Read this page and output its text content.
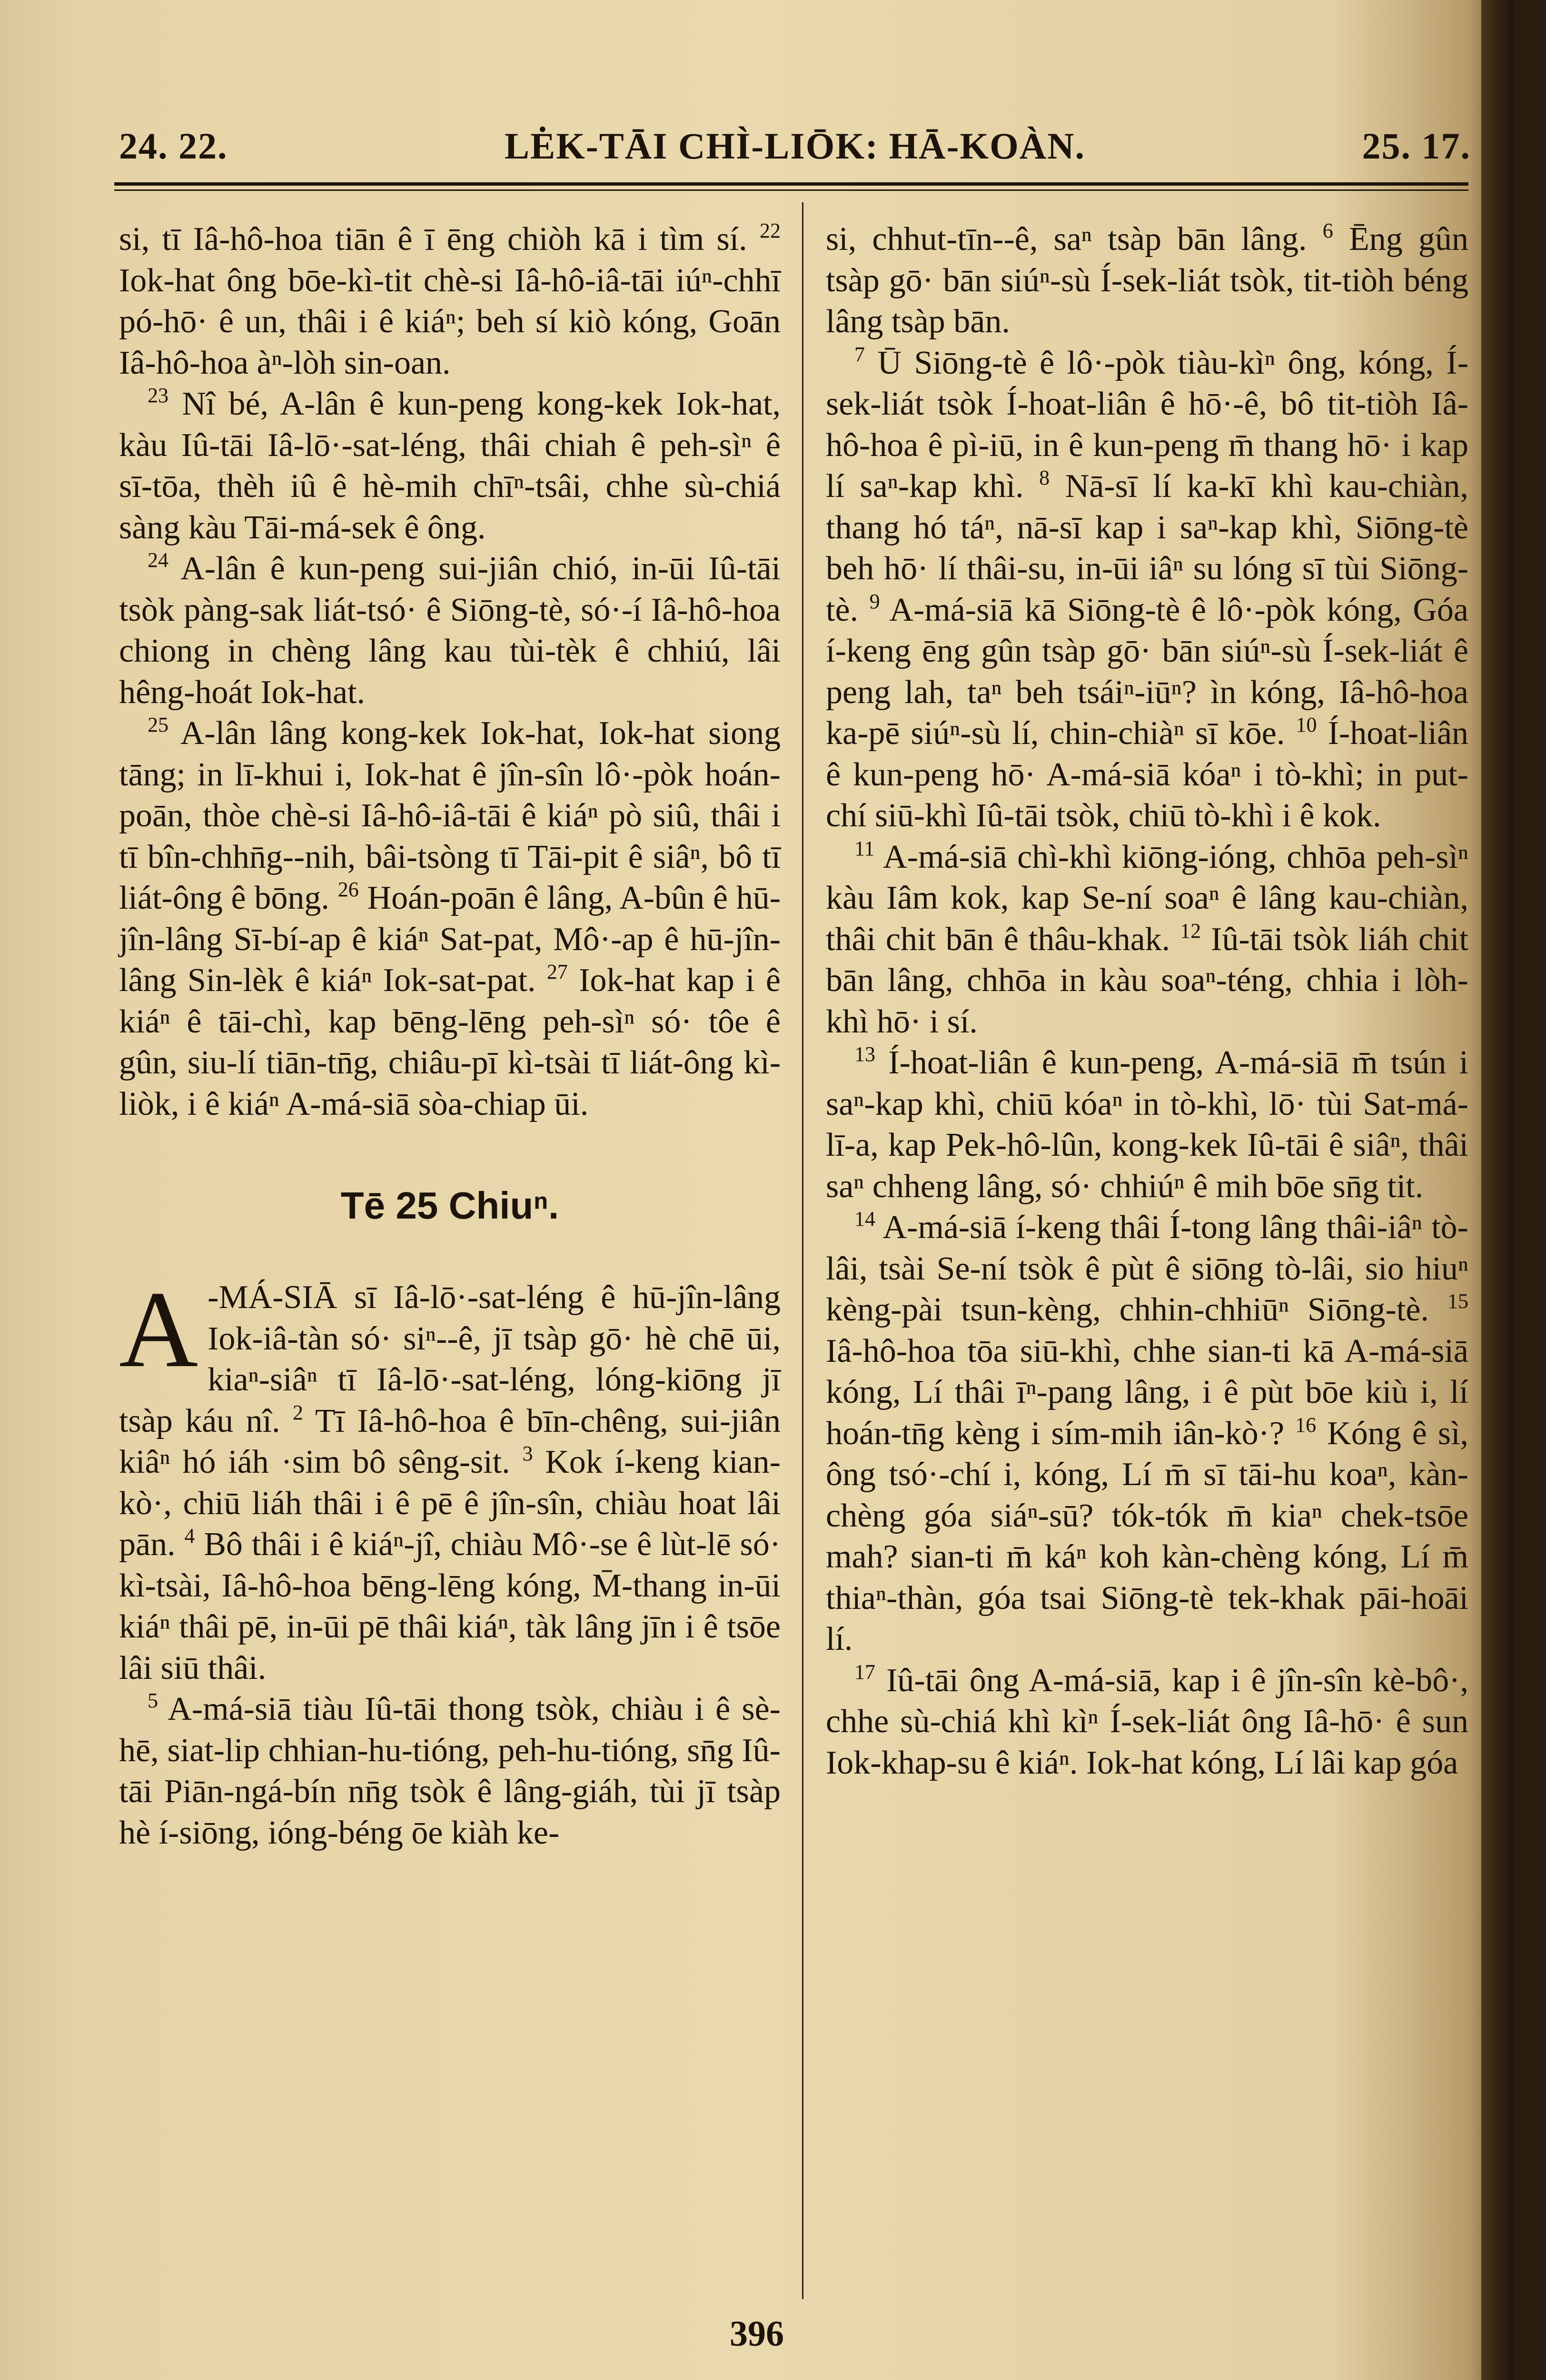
24. 22.	LĖK-TĀI CHÌ-LIŌK: HĀ-KOÀN.	25. 17.

si, tī Iâ-hô-hoa tiān ê ī ēng chiòh kā i tìm sí. $^{22}$ Iok-hat ông bōe-kì-tit chè-si Iâ-hô-iâ-tāi iúⁿ-chhī pó-hō· ê un, thâi i ê kiáⁿ; beh sí kiò kóng, Goān Iâ-hô-hoa àⁿ-lòh sin-oan.

$^{23}$ Nî bé, A-lân ê kun-peng kong-kek Iok-hat, kàu Iû-tāi Iâ-lō·-sat-léng, thâi chiah ê peh-sìⁿ ê sī-tōa, thèh iû ê hè-mih chīⁿ-tsâi, chhe sù-chiá sàng kàu Tāi-má-sek ê ông.

$^{24}$ A-lân ê kun-peng sui-jiân chió, in-ūi Iû-tāi tsòk pàng-sak liát-tsó· ê Siōng-tè, só·-í Iâ-hô-hoa chiong in chèng lâng kau tùi-tèk ê chhiú, lâi hêng-hoát Iok-hat.

$^{25}$ A-lân lâng kong-kek Iok-hat, Iok-hat siong tāng; in lī-khui i, Iok-hat ê jîn-sîn lô·-pòk hoán-poān, thòe chè-si Iâ-hô-iâ-tāi ê kiáⁿ pò siû, thâi i tī bîn-chhn̄g--nih, bâi-tsòng tī Tāi-pit ê siâⁿ, bô tī liát-ông ê bōng. $^{26}$ Hoán-poān ê lâng, A-bûn ê hū-jîn-lâng Sī-bí-ap ê kiáⁿ Sat-pat, Mô·-ap ê hū-jîn-lâng Sin-lèk ê kiáⁿ Iok-sat-pat. $^{27}$ Iok-hat kap i ê kiáⁿ ê tāi-chì, kap bēng-lēng peh-sìⁿ só· tôe ê gûn, siu-lí tiān-tn̄g, chiâu-pī kì-tsài tī liát-ông kì-liòk, i ê kiáⁿ A-má-siā sòa-chiap ūi.

Tē 25 Chiuⁿ.

A -MÁ-SIĀ sī Iâ-lō·-sat-léng ê hū-jîn-lâng Iok-iâ-tàn só· siⁿ--ê, jī tsàp gō· hè chē ūi, kiaⁿ-siâⁿ tī Iâ-lō·-sat-léng, lóng-kiōng jī tsàp káu nî. $^2$ Tī Iâ-hô-hoa ê bīn-chêng, sui-jiân kiâⁿ hó iáh ·sim bô sêng-sit. $^3$ Kok í-keng kian-kò·, chiū liáh thâi i ê pē ê jîn-sîn, chiàu hoat lâi pān. $^4$ Bô thâi i ê kiáⁿ-jî, chiàu Mô·-se ê lùt-lē só· kì-tsài, Iâ-hô-hoa bēng-lēng kóng, M̄-thang in-ūi kiáⁿ thâi pē, in-ūi pē thâi kiáⁿ, tàk lâng jīn i ê tsōe lâi siū thâi.

$^5$ A-má-siā tiàu Iû-tāi thong tsòk, chiàu i ê sè-hē, siat-lip chhian-hu-tióng, peh-hu-tióng, sn̄g Iû-tāi Piān-ngá-bín nn̄g tsòk ê lâng-giáh, tùi jī tsàp hè í-siōng, ióng-béng ōe kiàh ke-

si, chhut-tīn--ê, saⁿ tsàp bān lâng. $^6$ Ēng gûn tsàp gō· bān siúⁿ-sù Í-sek-liát tsòk, tit-tiòh béng lâng tsàp bān.

$^7$ Ū Siōng-tè ê lô·-pòk tiàu-kìⁿ ông, kóng, Í-sek-liát tsòk Í-hoat-liân ê hō·-ê, bô tit-tiòh Iâ-hô-hoa ê pì-iū, in ê kun-peng m̄ thang hō· i kap lí saⁿ-kap khì. $^8$ Nā-sī lí ka-kī khì kau-chiàn, thang hó táⁿ, nā-sī kap i saⁿ-kap khì, Siōng-tè beh hō· lí thâi-su, in-ūi iâⁿ su lóng sī tùi Siōng-tè. $^9$ A-má-siā kā Siōng-tè ê lô·-pòk kóng, Góa í-keng ēng gûn tsàp gō· bān siúⁿ-sù Í-sek-liát ê peng lah, taⁿ beh tsáiⁿ-iūⁿ? ìn kóng, Iâ-hô-hoa ka-pē siúⁿ-sù lí, chin-chiàⁿ sī kōe. $^{10}$ Í-hoat-liân ê kun-peng hō· A-má-siā kóaⁿ i tò-khì; in put-chí siū-khì Iû-tāi tsòk, chiū tò-khì i ê kok.

$^{11}$ A-má-siā chì-khì kiōng-ióng, chhōa peh-sìⁿ kàu Iâm kok, kap Se-ní soaⁿ ê lâng kau-chiàn, thâi chit bān ê thâu-khak. $^{12}$ Iû-tāi tsòk liáh chit bān lâng, chhōa in kàu soaⁿ-téng, chhia i lòh-khì hō· i sí.

$^{13}$ Í-hoat-liân ê kun-peng, A-má-siā m̄ tsún i saⁿ-kap khì, chiū kóaⁿ in tò-khì, lō· tùi Sat-má-lī-a, kap Pek-hô-lûn, kong-kek Iû-tāi ê siâⁿ, thâi saⁿ chheng lâng, só· chhiúⁿ ê mih bōe sn̄g tit.

$^{14}$ A-má-siā í-keng thâi Í-tong lâng thâi-iâⁿ tò-lâi, tsài Se-ní tsòk ê pùt ê siōng tò-lâi, sio hiuⁿ kèng-pài tsun-kèng, chhin-chhiūⁿ Siōng-tè. $^{15}$ Iâ-hô-hoa tōa siū-khì, chhe sian-ti kā A-má-siā kóng, Lí thâi īⁿ-pang lâng, i ê pùt bōe kiù i, lí hoán-tn̄g kèng i sím-mih iân-kò·? $^{16}$ Kóng ê sì, ông tsó·-chí i, kóng, Lí m̄ sī tāi-hu koaⁿ, kàn-chèng góa siáⁿ-sū? tók-tók m̄ kiaⁿ chek-tsōe mah? sian-ti m̄ káⁿ koh kàn-chèng kóng, Lí m̄ thiaⁿ-thàn, góa tsai Siōng-tè tek-khak pāi-hoāi lí.

$^{17}$ Iû-tāi ông A-má-siā, kap i ê jîn-sîn kè-bô·, chhe sù-chiá khì kìⁿ Í-sek-liát ông Iâ-hō· ê sun Iok-khap-su ê kiáⁿ. Iok-hat kóng, Lí lâi kap góa

396
